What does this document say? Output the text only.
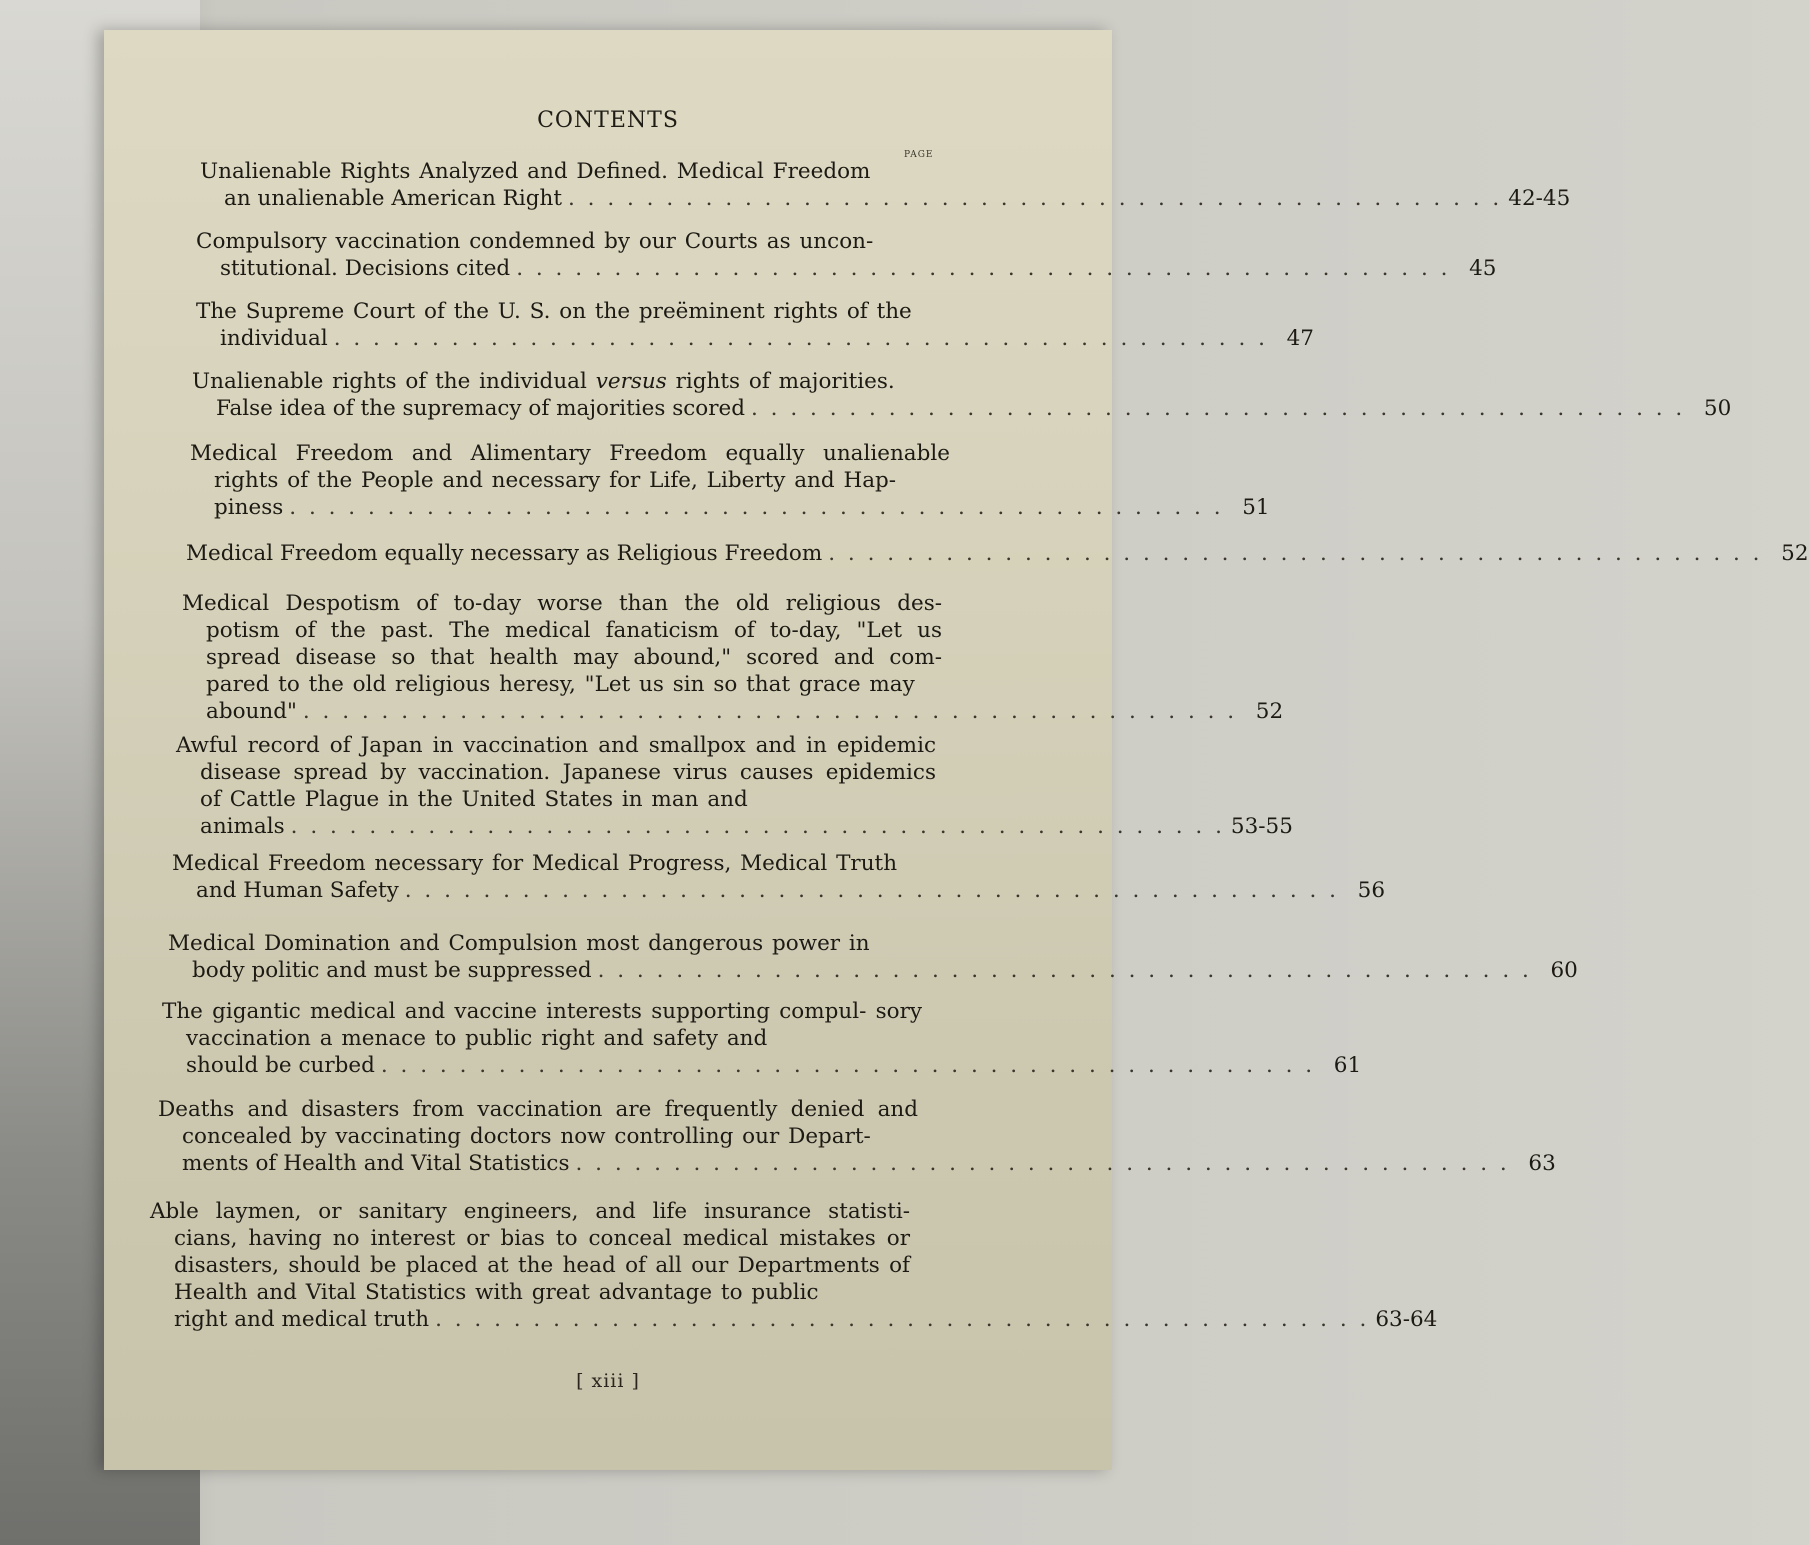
CONTENTS
PAGE

Unalienable Rights Analyzed and Defined. Medical Freedom

an unalienable American Right . . . . . . . . . . . . . . . . . . . . . . . . . . . . . . . . . . . . . . . . . . . . . . . . 42-45

Compulsory vaccination condemned by our Courts as uncon-

stitutional. Decisions cited . . . . . . . . . . . . . . . . . . . . . . . . . . . . . . . . . . . . . . . . . . . . . . . . 45

The Supreme Court of the U. S. on the preëminent rights of the

individual . . . . . . . . . . . . . . . . . . . . . . . . . . . . . . . . . . . . . . . . . . . . . . . . 47

Unalienable rights of the individual versus rights of majorities.

False idea of the supremacy of majorities scored . . . . . . . . . . . . . . . . . . . . . . . . . . . . . . . . . . . . . . . . . . . . . . . . 50

Medical Freedom and Alimentary Freedom equally unalienable rights of the People and necessary for Life, Liberty and Hap-

piness . . . . . . . . . . . . . . . . . . . . . . . . . . . . . . . . . . . . . . . . . . . . . . . . 51
Medical Freedom equally necessary as Religious Freedom . . . . . . . . . . . . . . . . . . . . . . . . . . . . . . . . . . . . . . . . . . . . . . . . 52

Medical Despotism of to-day worse than the old religious des- potism of the past. The medical fanaticism of to-day, "Let us spread disease so that health may abound," scored and com- pared to the old religious heresy, "Let us sin so that grace may

abound" . . . . . . . . . . . . . . . . . . . . . . . . . . . . . . . . . . . . . . . . . . . . . . . . 52

Awful record of Japan in vaccination and smallpox and in epidemic disease spread by vaccination. Japanese virus causes epidemics of Cattle Plague in the United States in man and

animals . . . . . . . . . . . . . . . . . . . . . . . . . . . . . . . . . . . . . . . . . . . . . . . . 53-55

Medical Freedom necessary for Medical Progress, Medical Truth

and Human Safety . . . . . . . . . . . . . . . . . . . . . . . . . . . . . . . . . . . . . . . . . . . . . . . . 56

Medical Domination and Compulsion most dangerous power in

body politic and must be suppressed . . . . . . . . . . . . . . . . . . . . . . . . . . . . . . . . . . . . . . . . . . . . . . . . 60

The gigantic medical and vaccine interests supporting compul- sory vaccination a menace to public right and safety and

should be curbed . . . . . . . . . . . . . . . . . . . . . . . . . . . . . . . . . . . . . . . . . . . . . . . . 61

Deaths and disasters from vaccination are frequently denied and concealed by vaccinating doctors now controlling our Depart-

ments of Health and Vital Statistics . . . . . . . . . . . . . . . . . . . . . . . . . . . . . . . . . . . . . . . . . . . . . . . . 63

Able laymen, or sanitary engineers, and life insurance statisti- cians, having no interest or bias to conceal medical mistakes or disasters, should be placed at the head of all our Departments of Health and Vital Statistics with great advantage to public

right and medical truth . . . . . . . . . . . . . . . . . . . . . . . . . . . . . . . . . . . . . . . . . . . . . . . . 63-64
[ xiii ]
